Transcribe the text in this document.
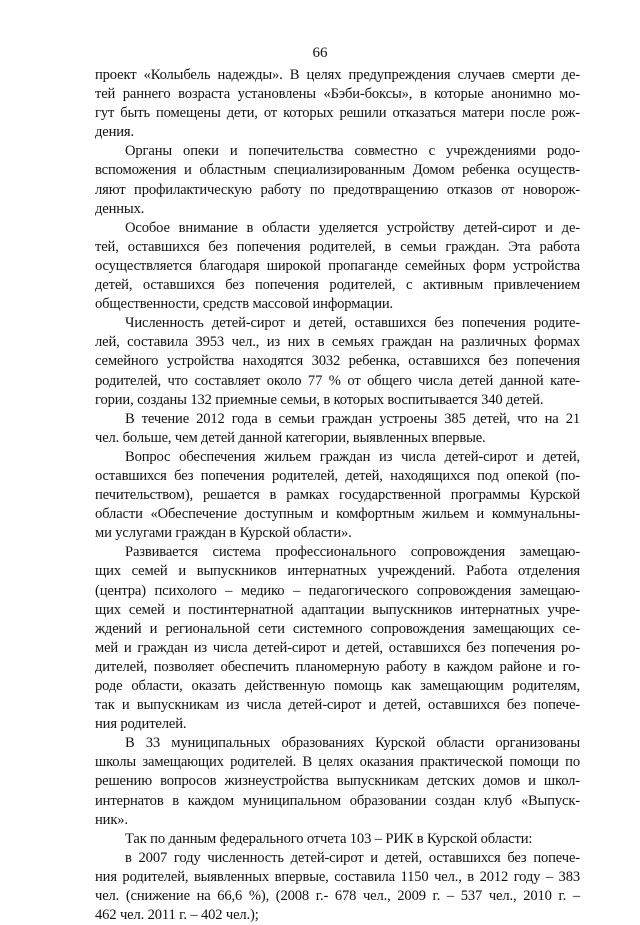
66
проект «Колыбель надежды». В целях предупреждения случаев смерти де-
тей раннего возраста установлены «Бэби-боксы», в которые анонимно мо-
гут быть помещены дети, от которых решили отказаться матери после рож-
дения.
Органы опеки и попечительства совместно с учреждениями родо-
вспоможения и областным специализированным Домом ребенка осуществ-
ляют профилактическую работу по предотвращению отказов от новорож-
денных.
Особое внимание в области уделяется устройству детей-сирот и де-
тей, оставшихся без попечения родителей, в семьи граждан. Эта работа
осуществляется благодаря широкой пропаганде семейных форм устройства
детей, оставшихся без попечения родителей, с активным привлечением
общественности, средств массовой информации.
Численность детей-сирот и детей, оставшихся без попечения родите-
лей, составила 3953 чел., из них в семьях граждан на различных формах
семейного устройства находятся 3032 ребенка, оставшихся без попечения
родителей, что составляет около 77 % от общего числа детей данной кате-
гории, созданы 132 приемные семьи, в которых воспитывается 340 детей.
В течение 2012 года в семьи граждан устроены 385 детей, что на 21
чел. больше, чем детей данной категории, выявленных впервые.
Вопрос обеспечения жильем граждан из числа детей-сирот и детей,
оставшихся без попечения родителей, детей, находящихся под опекой (по-
печительством), решается в рамках государственной программы Курской
области «Обеспечение доступным и комфортным жильем и коммунальны-
ми услугами граждан в Курской области».
Развивается система профессионального сопровождения замещаю-
щих семей и выпускников интернатных учреждений. Работа отделения
(центра) психолого – медико – педагогического сопровождения замещаю-
щих семей и постинтернатной адаптации выпускников интернатных учре-
ждений и региональной сети системного сопровождения замещающих се-
мей и граждан из числа детей-сирот и детей, оставшихся без попечения ро-
дителей, позволяет обеспечить планомерную работу в каждом районе и го-
роде области, оказать действенную помощь как замещающим родителям,
так и выпускникам из числа детей-сирот и детей, оставшихся без попече-
ния родителей.
В 33 муниципальных образованиях Курской области организованы
школы замещающих родителей. В целях оказания практической помощи по
решению вопросов жизнеустройства выпускникам детских домов и школ-
интернатов в каждом муниципальном образовании создан клуб «Выпуск-
ник».
Так по данным федерального отчета 103 – РИК в Курской области:
в 2007 году численность детей-сирот и детей, оставшихся без попече-
ния родителей, выявленных впервые, составила 1150 чел., в 2012 году – 383
чел. (снижение на 66,6 %), (2008 г.- 678 чел., 2009 г. – 537 чел., 2010 г. –
462 чел. 2011 г. – 402 чел.);
